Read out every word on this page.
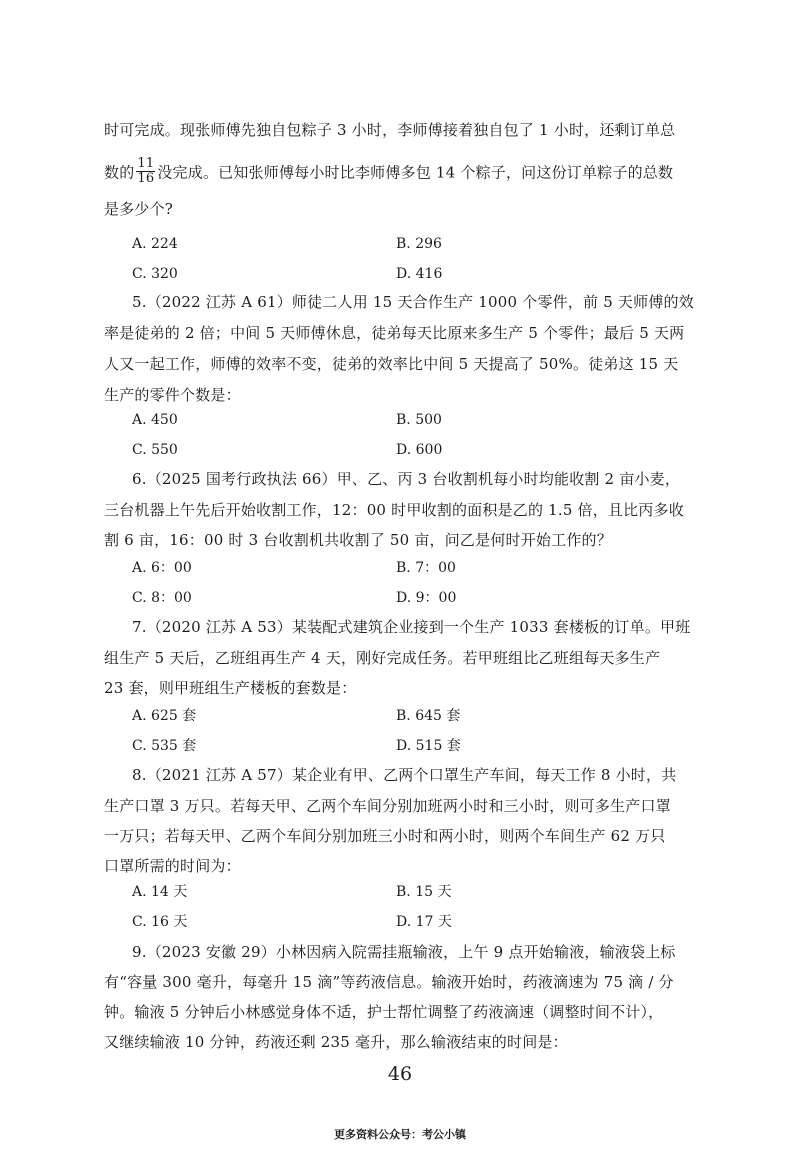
时可完成。现张师傅先独自包粽子 3 小时，李师傅接着独自包了 1 小时，还剩订单总
数的 $\frac{11}{16}$ 没完成。已知张师傅每小时比李师傅多包 14 个粽子，问这份订单粽子的总数
是多少个?
A. 224	B. 296
C. 320	D. 416
5.（2022 江苏 A 61）师徒二人用 15 天合作生产 1000 个零件，前 5 天师傅的效
率是徒弟的 2 倍；中间 5 天师傅休息，徒弟每天比原来多生产 5 个零件；最后 5 天两
人又一起工作，师傅的效率不变，徒弟的效率比中间 5 天提高了 50%。徒弟这 15 天
生产的零件个数是：
A. 450	B. 500
C. 550	D. 600
6.（2025 国考行政执法 66）甲、乙、丙 3 台收割机每小时均能收割 2 亩小麦，
三台机器上午先后开始收割工作，12：00 时甲收割的面积是乙的 1.5 倍，且比丙多收
割 6 亩，16：00 时 3 台收割机共收割了 50 亩，问乙是何时开始工作的？
A. 6：00	B. 7：00
C. 8：00	D. 9：00
7.（2020 江苏 A 53）某装配式建筑企业接到一个生产 1033 套楼板的订单。甲班
组生产 5 天后，乙班组再生产 4 天，刚好完成任务。若甲班组比乙班组每天多生产
23 套，则甲班组生产楼板的套数是：
A. 625 套	B. 645 套
C. 535 套	D. 515 套
8.（2021 江苏 A 57）某企业有甲、乙两个口罩生产车间，每天工作 8 小时，共
生产口罩 3 万只。若每天甲、乙两个车间分别加班两小时和三小时，则可多生产口罩
一万只；若每天甲、乙两个车间分别加班三小时和两小时，则两个车间生产 62 万只
口罩所需的时间为：
A. 14 天	B. 15 天
C. 16 天	D. 17 天
9.（2023 安徽 29）小林因病入院需挂瓶输液，上午 9 点开始输液，输液袋上标
有“容量 300 毫升，每毫升 15 滴”等药液信息。输液开始时，药液滴速为 75 滴 / 分
钟。输液 5 分钟后小林感觉身体不适，护士帮忙调整了药液滴速（调整时间不计），
又继续输液 10 分钟，药液还剩 235 毫升，那么输液结束的时间是：
46
更多资料公众号：考公小镇
